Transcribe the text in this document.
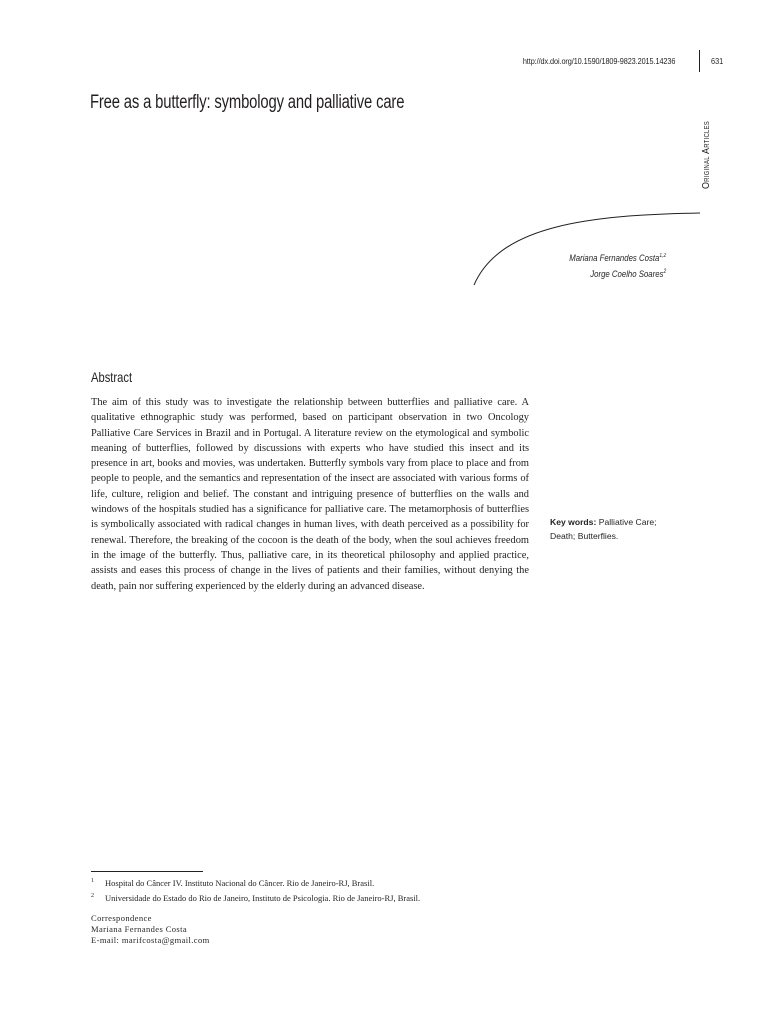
http://dx.doi.org/10.1590/1809-9823.2015.14236	631
Free as a butterfly: symbology and palliative care
Original Articles
Mariana Fernandes Costa$^{1,2}$
Jorge Coelho Soares$^2$
Abstract

The aim of this study was to investigate the relationship between butterflies and palliative care. A qualitative ethnographic study was performed, based on participant observation in two Oncology Palliative Care Services in Brazil and in Portugal. A literature review on the etymological and symbolic meaning of butterflies, followed by discussions with experts who have studied this insect and its presence in art, books and movies, was undertaken. Butterfly symbols vary from place to place and from people to people, and the semantics and representation of the insect are associated with various forms of life, culture, religion and belief. The constant and intriguing presence of butterflies on the walls and windows of the hospitals studied has a significance for palliative care. The metamorphosis of butterflies is symbolically associated with radical changes in human lives, with death perceived as a possibility for renewal. Therefore, the breaking of the cocoon is the death of the body, when the soul achieves freedom in the image of the butterfly. Thus, palliative care, in its theoretical philosophy and applied practice, assists and eases this process of change in the lives of patients and their families, without denying the death, pain nor suffering experienced by the elderly during an advanced disease.

Key words: Palliative Care; Death; Butterflies.
1 Hospital do Câncer IV. Instituto Nacional do Câncer. Rio de Janeiro-RJ, Brasil.
2 Universidade do Estado do Rio de Janeiro, Instituto de Psicologia. Rio de Janeiro-RJ, Brasil.
Correspondence
Mariana Fernandes Costa
E-mail: marifcosta@gmail.com
